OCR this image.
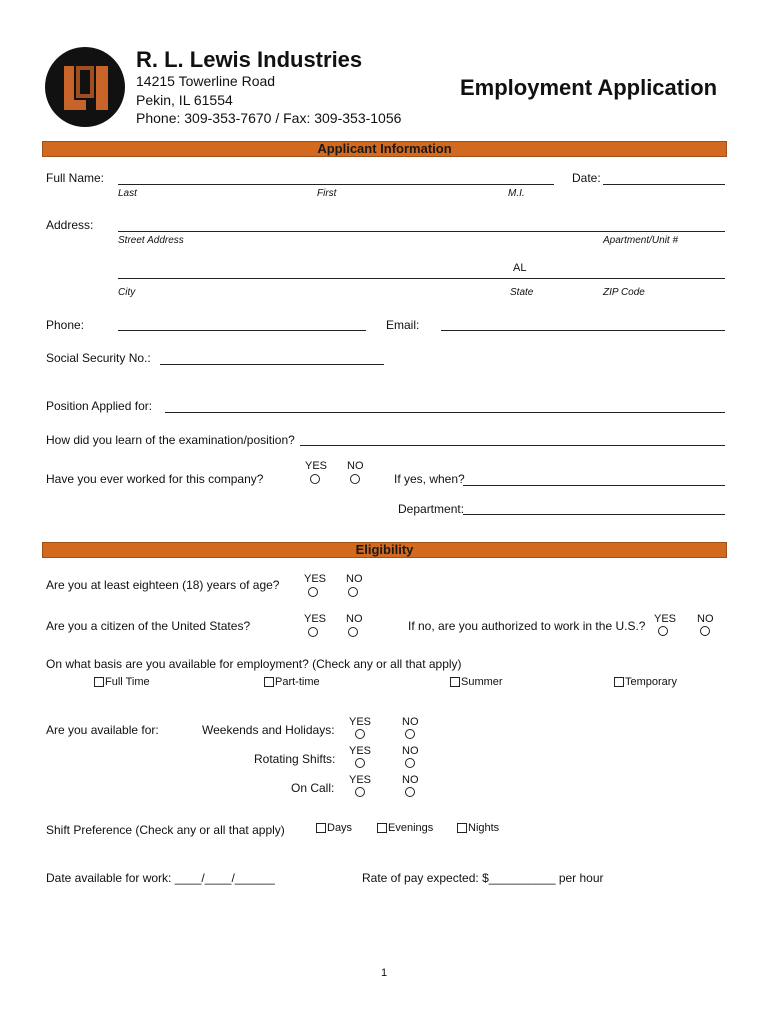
R. L. Lewis Industries
14215 Towerline Road
Pekin, IL 61554
Phone: 309-353-7670 / Fax: 309-353-1056
Employment Application
Applicant Information
Full Name:	Date:
Last	First	M.I.
Address:
Street Address	Apartment/Unit #
AL
City	State	ZIP Code
Phone:	Email:
Social Security No.:
Position Applied for:
How did you learn of the examination/position?
Have you ever worked for this company?
YES NO
If yes, when?
Department:
Eligibility
Are you at least eighteen (18) years of age? YES NO
Are you a citizen of the United States?	YES NO	If no, are you authorized to work in the U.S.? YES NO
On what basis are you available for employment? (Check any or all that apply)
Full Time	Part-time	Summer	Temporary
Are you available for:	Weekends and Holidays:
YES	NO
Rotating Shifts:
YES	NO
On Call:
YES	NO
Shift Preference (Check any or all that apply)	Days	Evenings	Nights
Date available for work: ____/____/______	Rate of pay expected: $__________ per hour
1
